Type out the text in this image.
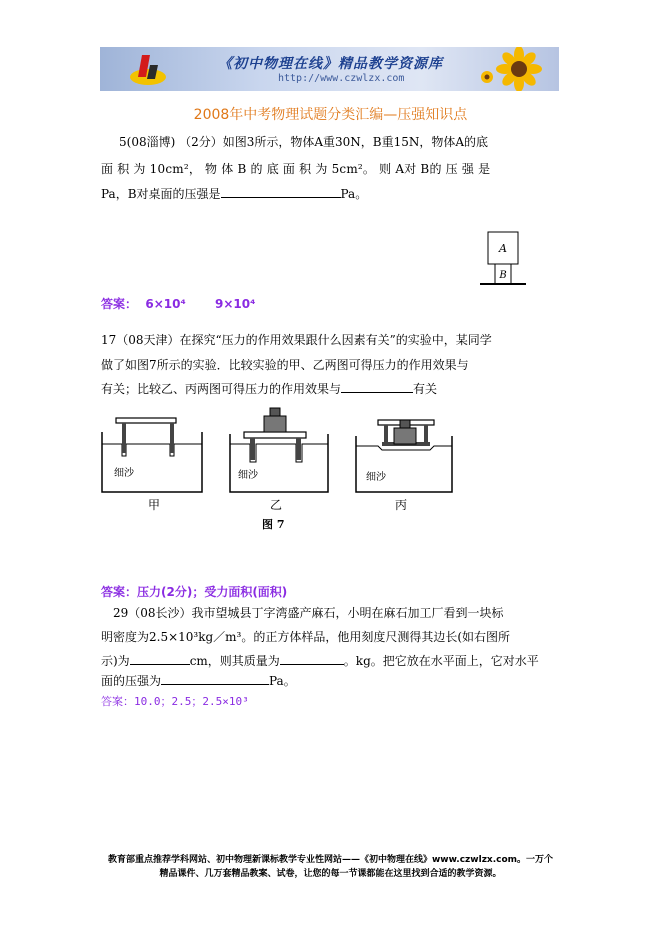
《初中物理在线》精品教学资源库
http://www.czwlzx.com
2008年中考物理试题分类汇编—压强知识点
5(08淄博) （2分）如图3所示，物体A重30N，B重15N，物体A的底
面 积 为 10cm²， 物 体 B 的 底 面 积 为 5cm²。 则 A对 B的 压 强 是
Pa，B对桌面的压强是	Pa。
A
B
答案： 6×10⁴ 9×10⁴
17（08天津）在探究“压力的作用效果跟什么因素有关”的实验中，某同学
做了如图7所示的实验．比较实验的甲、乙两图可得压力的作用效果与
有关；比较乙、丙两图可得压力的作用效果与	有关
细沙	细沙	细沙
甲	乙	丙
图 7
答案：压力(2分)；受力面积(面积)
29（08长沙）我市望城县丁字湾盛产麻石，小明在麻石加工厂看到一块标
明密度为2.5×10³kg／m³。的正方体样品，他用刻度尺测得其边长(如右图所
示)为	cm，则其质量为	。kg。把它放在水平面上，它对水平
面的压强为	Pa。
答案：10.0；2.5；2.5×10³
教育部重点推荐学科网站、初中物理新课标教学专业性网站——《初中物理在线》www.czwlzx.com。一万个
精品课件、几万套精品教案、试卷，让您的每一节课都能在这里找到合适的教学资源。
